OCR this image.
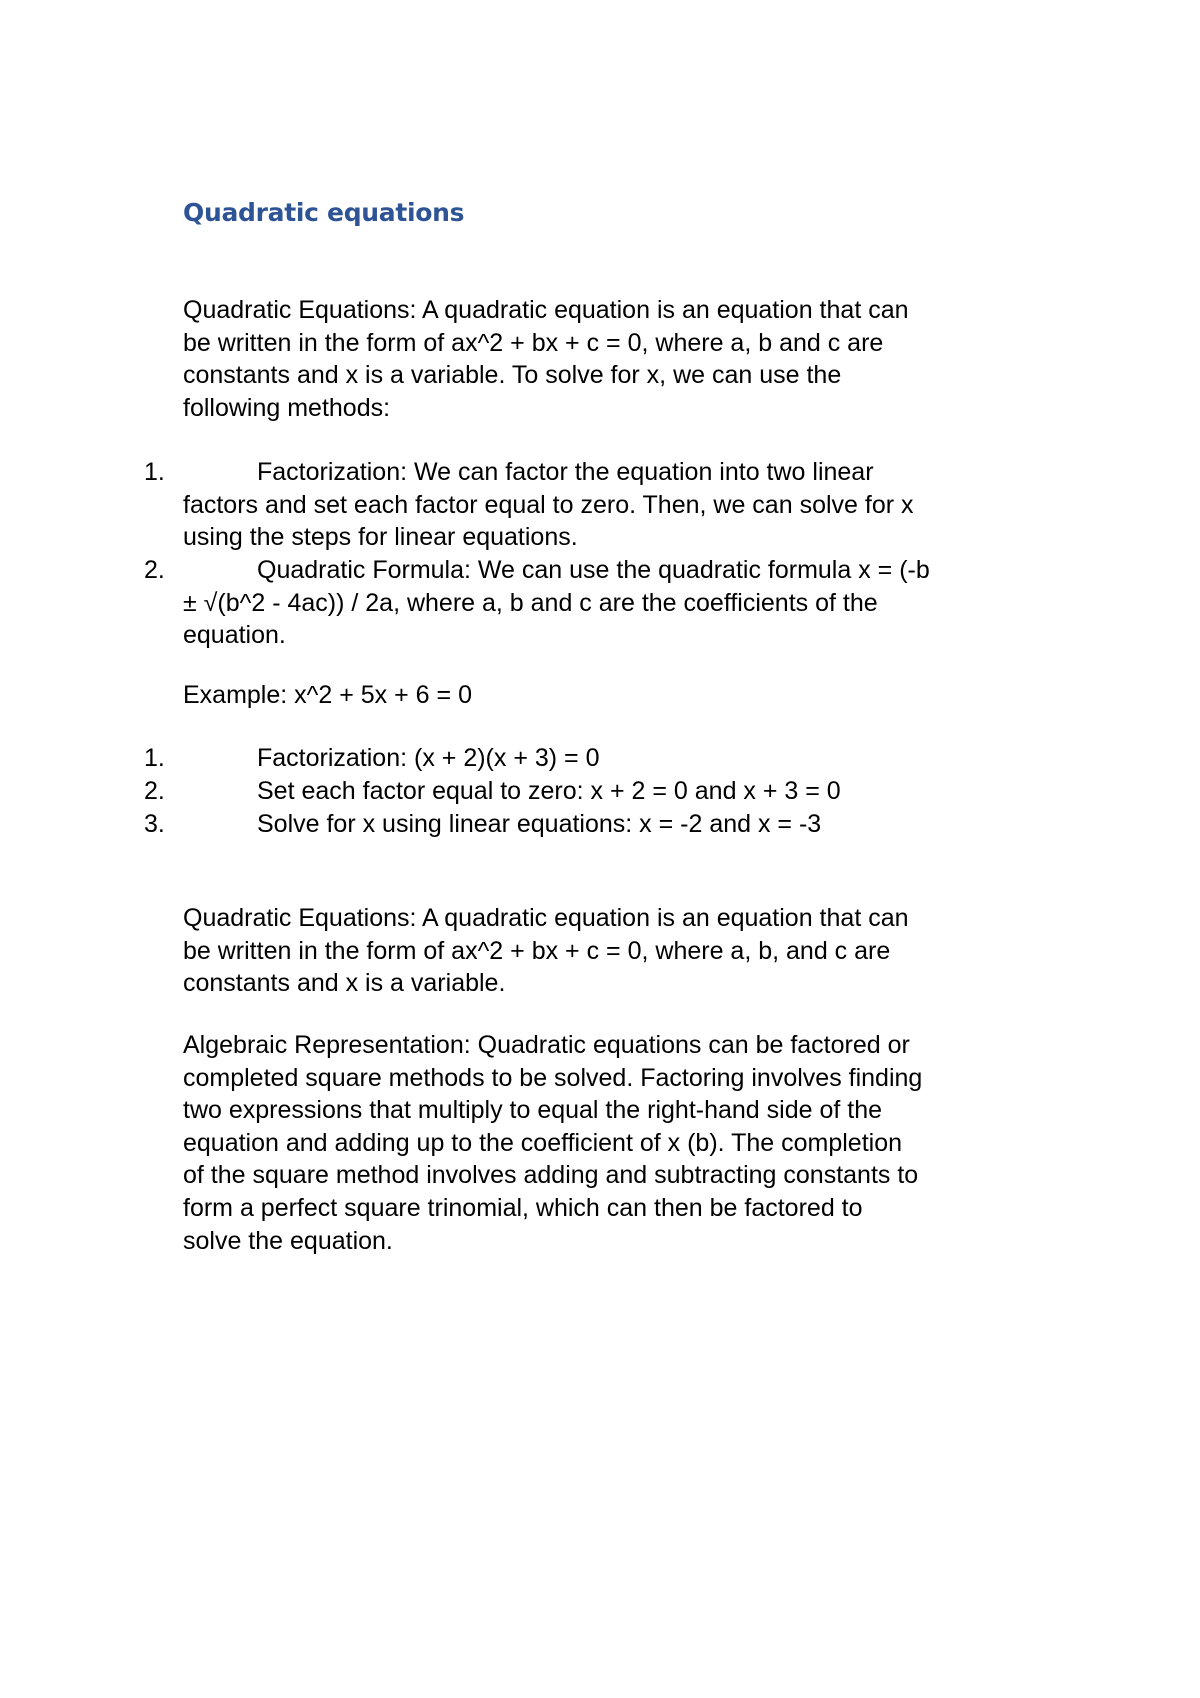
Quadratic equations
Quadratic Equations: A quadratic equation is an equation that can
be written in the form of ax^2 + bx + c = 0, where a, b and c are
constants and x is a variable. To solve for x, we can use the
following methods:
1.	Factorization: We can factor the equation into two linear
factors and set each factor equal to zero. Then, we can solve for x
using the steps for linear equations.
2.	Quadratic Formula: We can use the quadratic formula x = (-b
± √(b^2 - 4ac)) / 2a, where a, b and c are the coefficients of the
equation.
Example: x^2 + 5x + 6 = 0
1.	Factorization: (x + 2)(x + 3) = 0
2.	Set each factor equal to zero: x + 2 = 0 and x + 3 = 0
3.	Solve for x using linear equations: x = -2 and x = -3
Quadratic Equations: A quadratic equation is an equation that can
be written in the form of ax^2 + bx + c = 0, where a, b, and c are
constants and x is a variable.
Algebraic Representation: Quadratic equations can be factored or
completed square methods to be solved. Factoring involves finding
two expressions that multiply to equal the right-hand side of the
equation and adding up to the coefficient of x (b). The completion
of the square method involves adding and subtracting constants to
form a perfect square trinomial, which can then be factored to
solve the equation.
